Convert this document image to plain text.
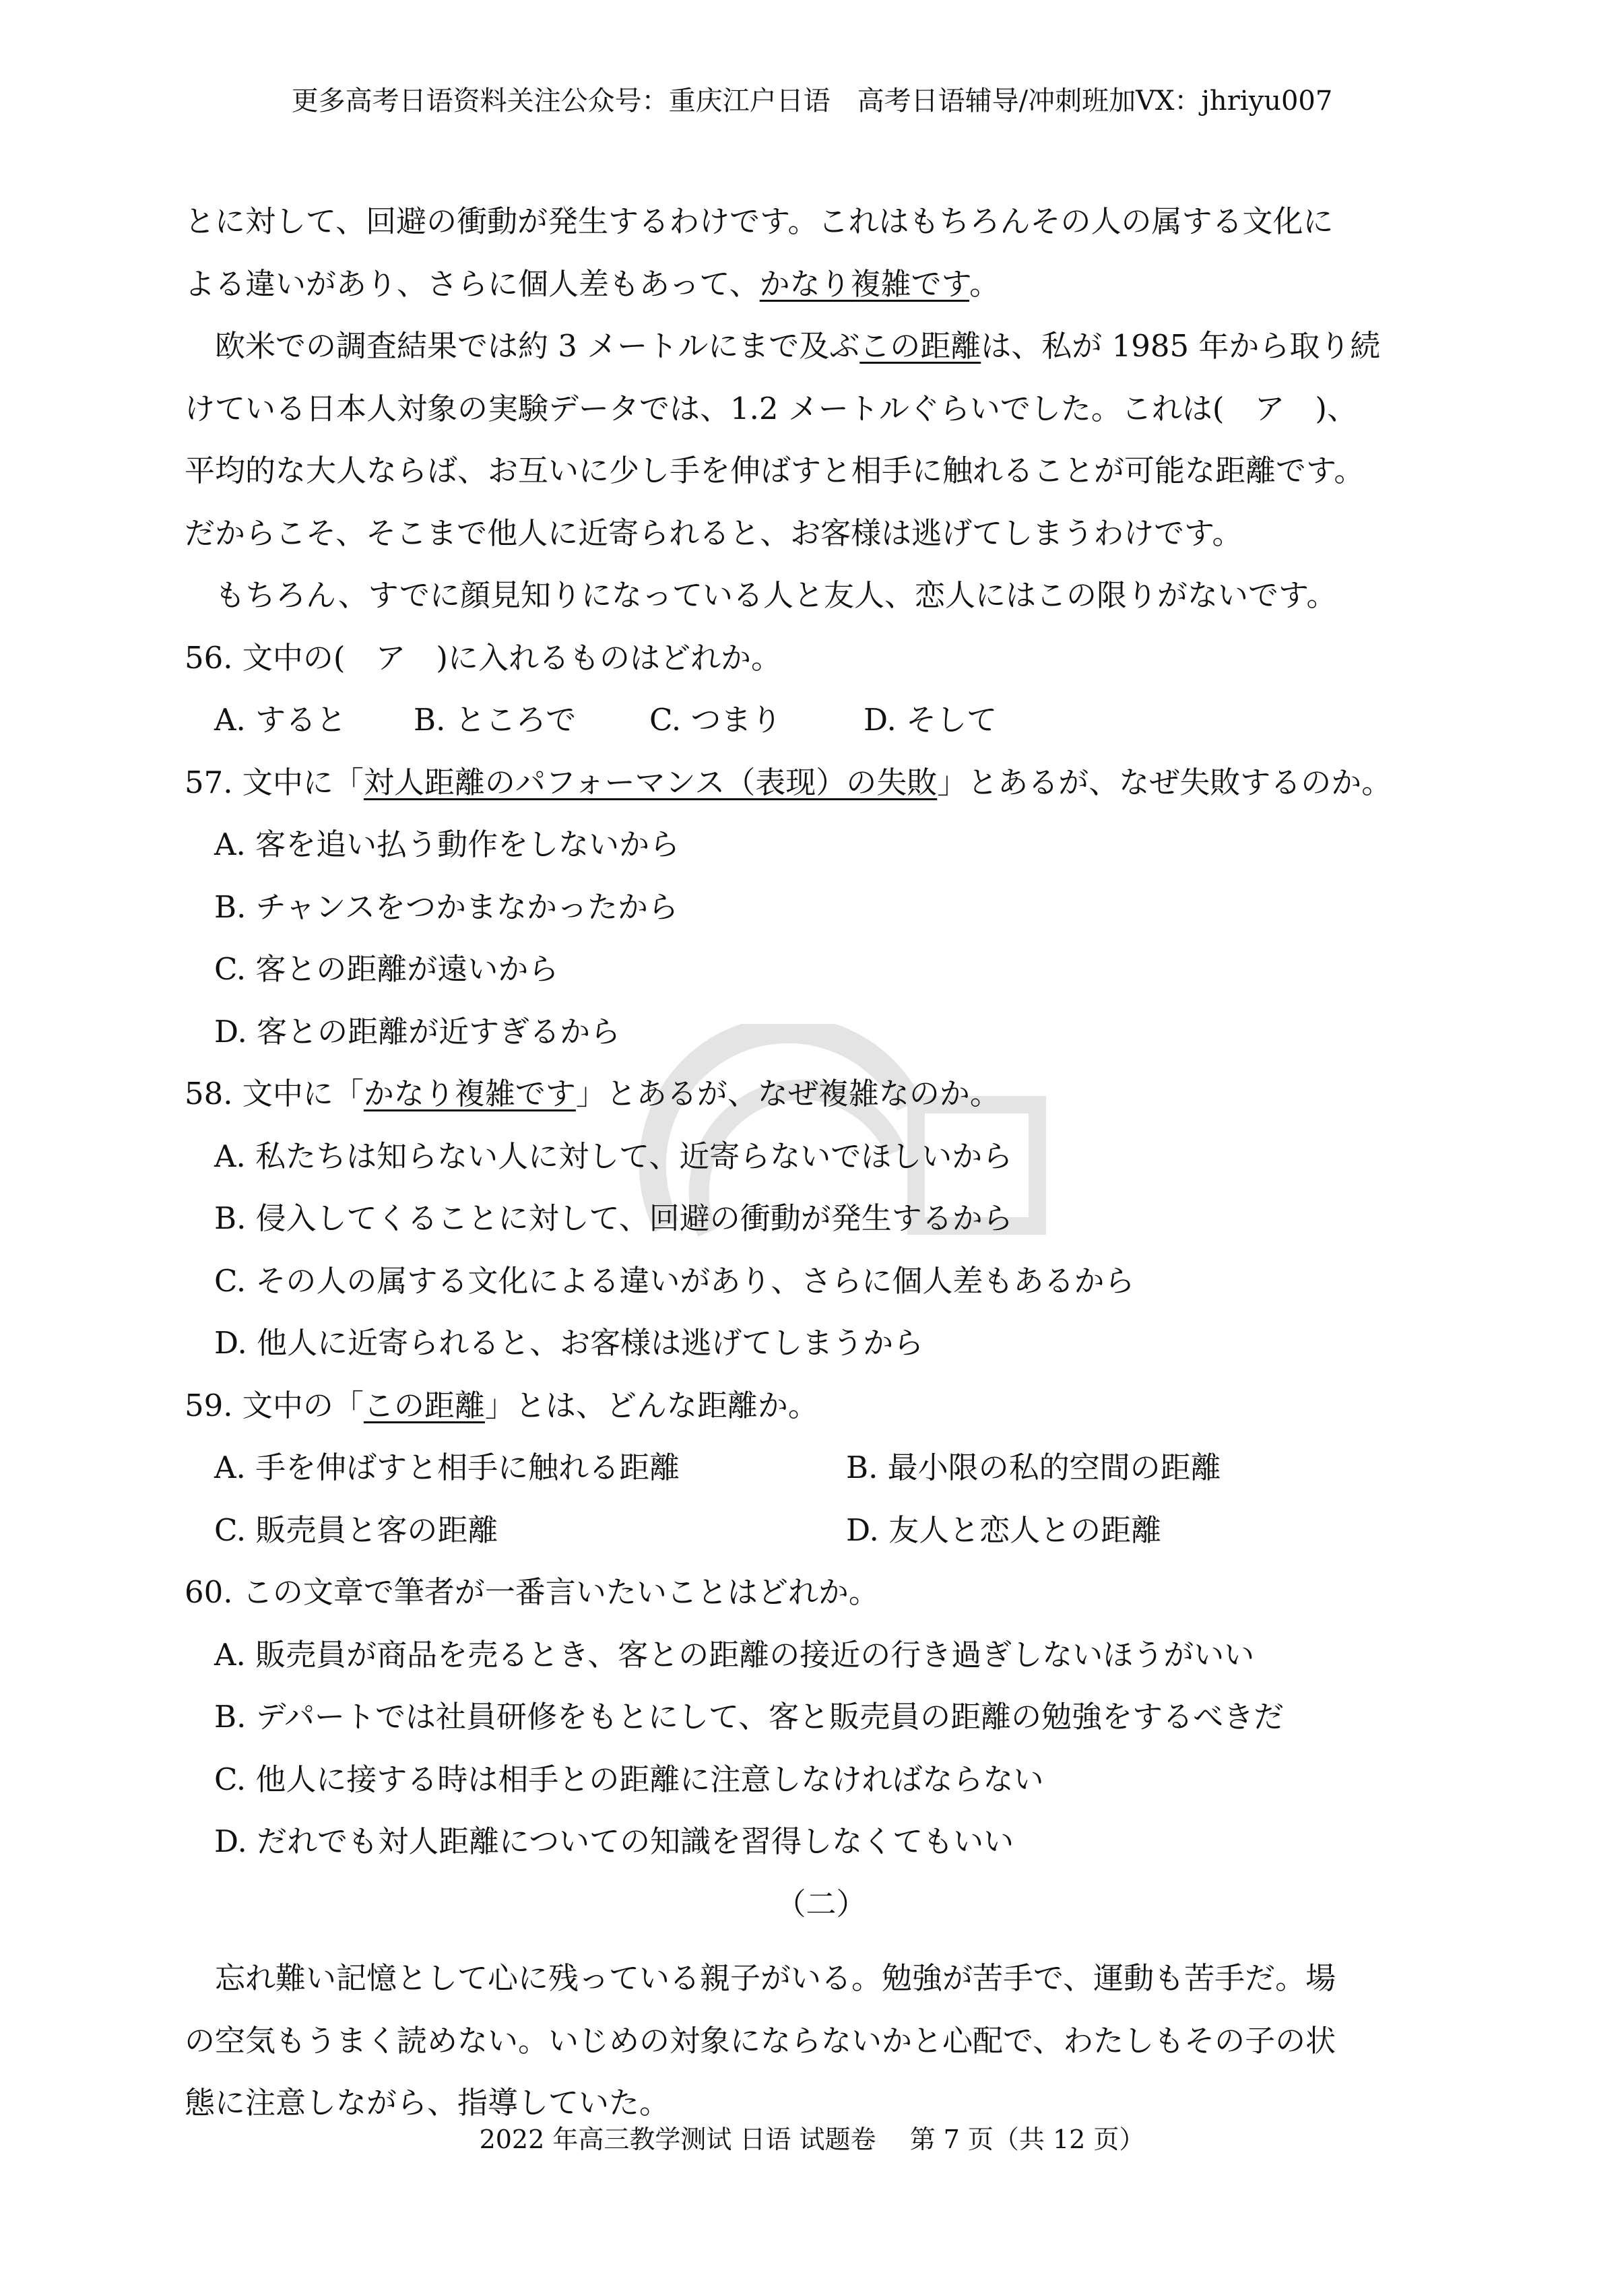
更多高考日语资料关注公众号：重庆江户日语　高考日语辅导/冲刺班加VX：jhriyu007
とに対して、回避の衝動が発生するわけです。これはもちろんその人の属する文化に
よる違いがあり、さらに個人差もあって、かなり複雑です。
欧米での調査結果では約 3 メートルにまで及ぶこの距離は、私が 1985 年から取り続
けている日本人対象の実験データでは、1.2 メートルぐらいでした。これは(　ア　)、
平均的な大人ならば、お互いに少し手を伸ばすと相手に触れることが可能な距離です。
だからこそ、そこまで他人に近寄られると、お客様は逃げてしまうわけです。
もちろん、すでに顔見知りになっている人と友人、恋人にはこの限りがないです。
56. 文中の(　ア　)に入れるものはどれか。
A. すると B. ところで C. つまり	D. そして
57. 文中に「対人距離のパフォーマンス（表现）の失敗」とあるが、なぜ失敗するのか。
A. 客を追い払う動作をしないから
B. チャンスをつかまなかったから
C. 客との距離が遠いから
D. 客との距離が近すぎるから
58. 文中に「かなり複雑です」とあるが、なぜ複雑なのか。
A. 私たちは知らない人に対して、近寄らないでほしいから
B. 侵入してくることに対して、回避の衝動が発生するから
C. その人の属する文化による違いがあり、さらに個人差もあるから
D. 他人に近寄られると、お客様は逃げてしまうから
59. 文中の「この距離」とは、どんな距離か。
A. 手を伸ばすと相手に触れる距離	B. 最小限の私的空間の距離
C. 販売員と客の距離	D. 友人と恋人との距離
60. この文章で筆者が一番言いたいことはどれか。
A. 販売員が商品を売るとき、客との距離の接近の行き過ぎしないほうがいい
B. デパートでは社員研修をもとにして、客と販売員の距離の勉強をするべきだ
C. 他人に接する時は相手との距離に注意しなければならない
D. だれでも対人距離についての知識を習得しなくてもいい
（二）
忘れ難い記憶として心に残っている親子がいる。勉強が苦手で、運動も苦手だ。場
の空気もうまく読めない。いじめの対象にならないかと心配で、わたしもその子の状
態に注意しながら、指導していた。
2022 年高三教学测试 日语 试题卷　 第 7 页（共 12 页）
